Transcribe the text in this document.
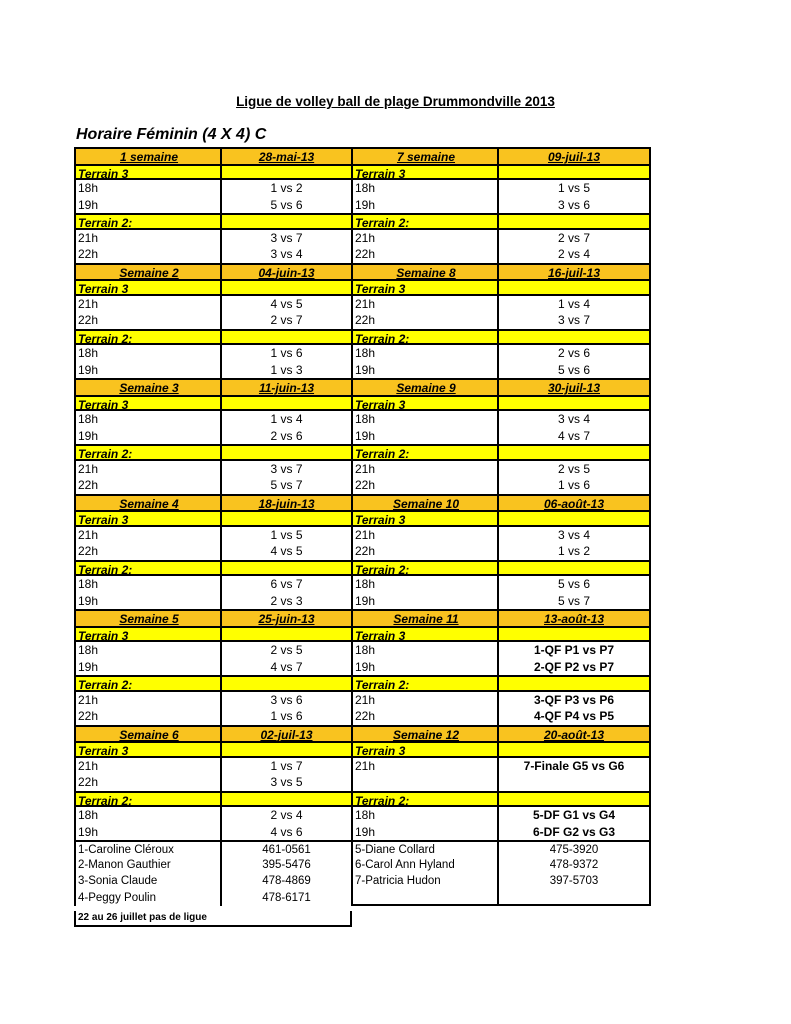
Ligue de volley ball de plage Drummondville 2013
Horaire Féminin (4 X 4) C
1 semaine	28-mai-13	7 semaine	09-juil-13
Terrain 3	Terrain 3
18h	1 vs 2	18h	1 vs 5
19h	5 vs 6	19h	3 vs 6
Terrain 2:	Terrain 2:
21h	3 vs 7	21h	2 vs 7
22h	3 vs 4	22h	2 vs 4
Semaine 2	04-juin-13	Semaine 8	16-juil-13
Terrain 3	Terrain 3
21h	4 vs 5	21h	1 vs 4
22h	2 vs 7	22h	3 vs 7
Terrain 2:	Terrain 2:
18h	1 vs 6	18h	2 vs 6
19h	1 vs 3	19h	5 vs 6
Semaine 3	11-juin-13	Semaine 9	30-juil-13
Terrain 3	Terrain 3
18h	1 vs 4	18h	3 vs 4
19h	2 vs 6	19h	4 vs 7
Terrain 2:	Terrain 2:
21h	3 vs 7	21h	2 vs 5
22h	5 vs 7	22h	1 vs 6
Semaine 4	18-juin-13	Semaine 10	06-août-13
Terrain 3	Terrain 3
21h	1 vs 5	21h	3 vs 4
22h	4 vs 5	22h	1 vs 2
Terrain 2:	Terrain 2:
18h	6 vs 7	18h	5 vs 6
19h	2 vs 3	19h	5 vs 7
Semaine 5	25-juin-13	Semaine 11	13-août-13
Terrain 3	Terrain 3
18h	2 vs 5	18h	1-QF P1 vs P7
19h	4 vs 7	19h	2-QF P2 vs P7
Terrain 2:	Terrain 2:
21h	3 vs 6	21h	3-QF P3 vs P6
22h	1 vs 6	22h	4-QF P4 vs P5
Semaine 6	02-juil-13	Semaine 12	20-août-13
Terrain 3	Terrain 3
21h	1 vs 7	21h	7-Finale G5 vs G6
22h	3 vs 5
Terrain 2:	Terrain 2:
18h	2 vs 4	18h	5-DF G1 vs G4
19h	4 vs 6	19h	6-DF G2 vs G3
1-Caroline Cléroux	461-0561	5-Diane Collard	475-3920
2-Manon Gauthier	395-5476	6-Carol Ann Hyland	478-9372
3-Sonia Claude	478-4869	7-Patricia Hudon	397-5703
4-Peggy Poulin	478-6171
22 au 26 juillet pas de ligue
